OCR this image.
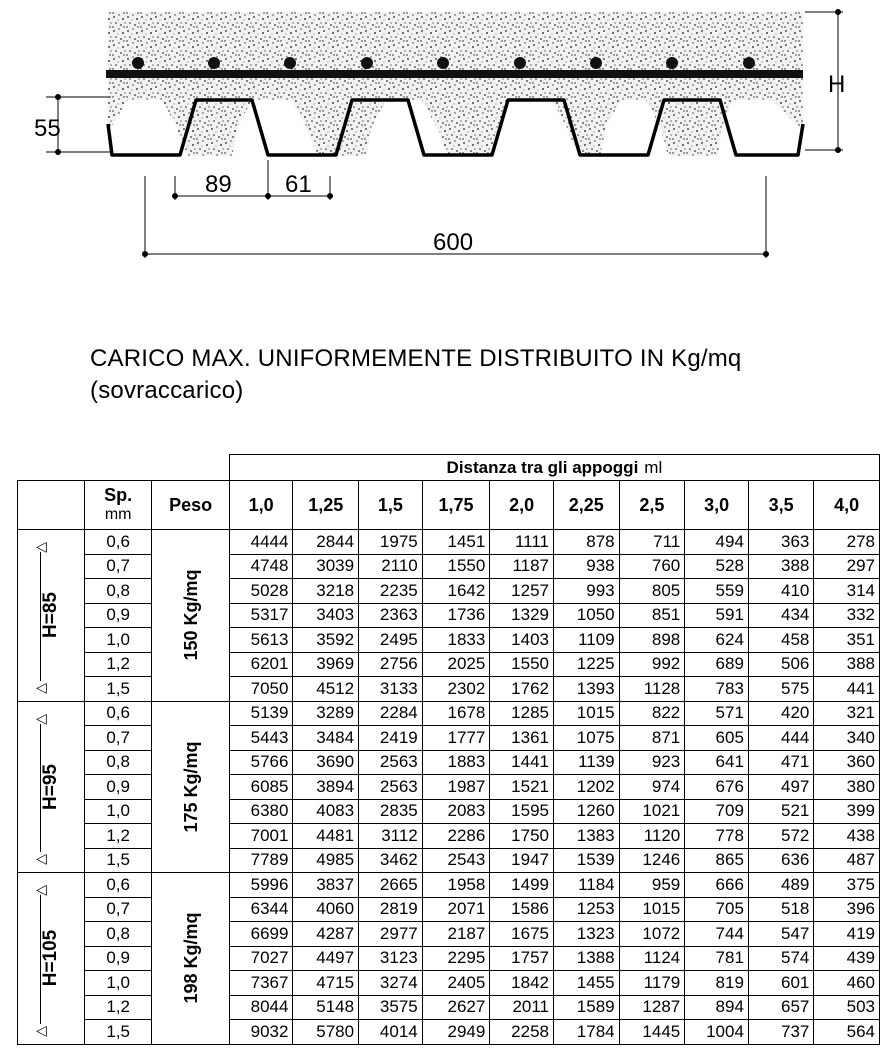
H
55
89 61
600
CARICO MAX. UNIFORMEMENTE DISTRIBUITO IN Kg/mq
(sovraccarico)
			Distanza tra gli appoggi ml									
	Sp.
mm	Peso	1,0	1,25	1,5	1,75	2,0	2,25	2,5	3,0	3,5	4,0

◁
H=85
◁	0,6	150 Kg/mq	4444	2844	1975	1451	1111	878	711	494	363	278
	0,7		4748	3039	2110	1550	1187	938	760	528	388	297
	0,8		5028	3218	2235	1642	1257	993	805	559	410	314
	0,9		5317	3403	2363	1736	1329	1050	851	591	434	332
	1,0		5613	3592	2495	1833	1403	1109	898	624	458	351
	1,2		6201	3969	2756	2025	1550	1225	992	689	506	388
	1,5		7050	4512	3133	2302	1762	1393	1128	783	575	441

◁
H=95
◁	0,6	175 Kg/mq	5139	3289	2284	1678	1285	1015	822	571	420	321
	0,7		5443	3484	2419	1777	1361	1075	871	605	444	340
	0,8		5766	3690	2563	1883	1441	1139	923	641	471	360
	0,9		6085	3894	2563	1987	1521	1202	974	676	497	380
	1,0		6380	4083	2835	2083	1595	1260	1021	709	521	399
	1,2		7001	4481	3112	2286	1750	1383	1120	778	572	438
	1,5		7789	4985	3462	2543	1947	1539	1246	865	636	487

◁
H=105
◁	0,6	198 Kg/mq	5996	3837	2665	1958	1499	1184	959	666	489	375
	0,7		6344	4060	2819	2071	1586	1253	1015	705	518	396
	0,8		6699	4287	2977	2187	1675	1323	1072	744	547	419
	0,9		7027	4497	3123	2295	1757	1388	1124	781	574	439
	1,0		7367	4715	3274	2405	1842	1455	1179	819	601	460
	1,2		8044	5148	3575	2627	2011	1589	1287	894	657	503
	1,5		9032	5780	4014	2949	2258	1784	1445	1004	737	564
